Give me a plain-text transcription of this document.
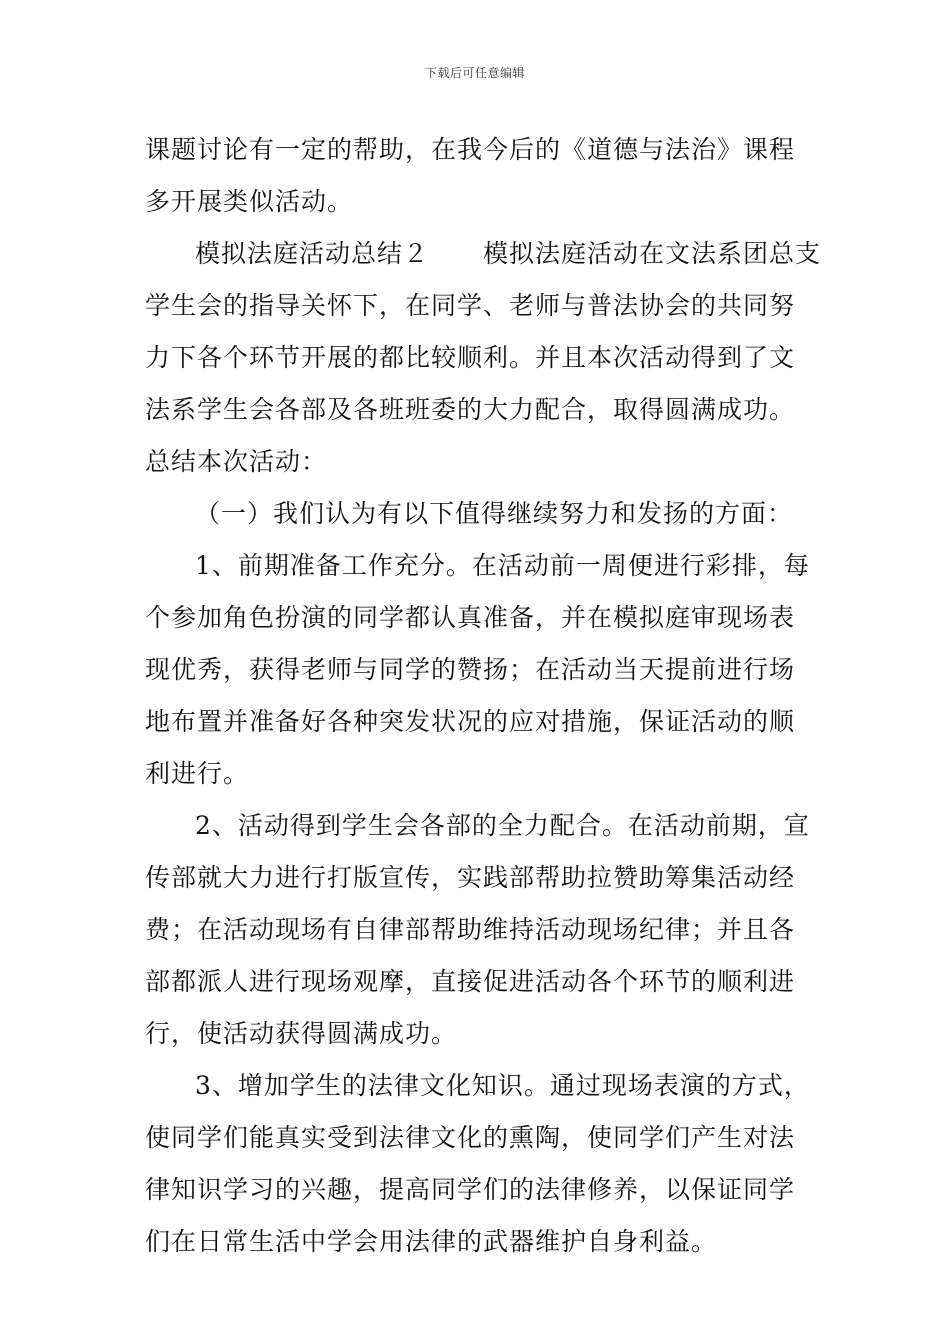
下载后可任意编辑
课题讨论有一定的帮助，在我今后的《道德与法治》课程
多开展类似活动。
模拟法庭活动总结２ 模拟法庭活动在文法系团总支
学生会的指导关怀下，在同学、老师与普法协会的共同努
力下各个环节开展的都比较顺利。并且本次活动得到了文
法系学生会各部及各班班委的大力配合，取得圆满成功。
总结本次活动：
（一）我们认为有以下值得继续努力和发扬的方面：
1、前期准备工作充分。在活动前一周便进行彩排，每
个参加角色扮演的同学都认真准备，并在模拟庭审现场表
现优秀，获得老师与同学的赞扬；在活动当天提前进行场
地布置并准备好各种突发状况的应对措施，保证活动的顺
利进行。
2、活动得到学生会各部的全力配合。在活动前期，宣
传部就大力进行打版宣传，实践部帮助拉赞助筹集活动经
费；在活动现场有自律部帮助维持活动现场纪律；并且各
部都派人进行现场观摩，直接促进活动各个环节的顺利进
行，使活动获得圆满成功。
3、增加学生的法律文化知识。通过现场表演的方式，
使同学们能真实受到法律文化的熏陶，使同学们产生对法
律知识学习的兴趣，提高同学们的法律修养，以保证同学
们在日常生活中学会用法律的武器维护自身利益。
